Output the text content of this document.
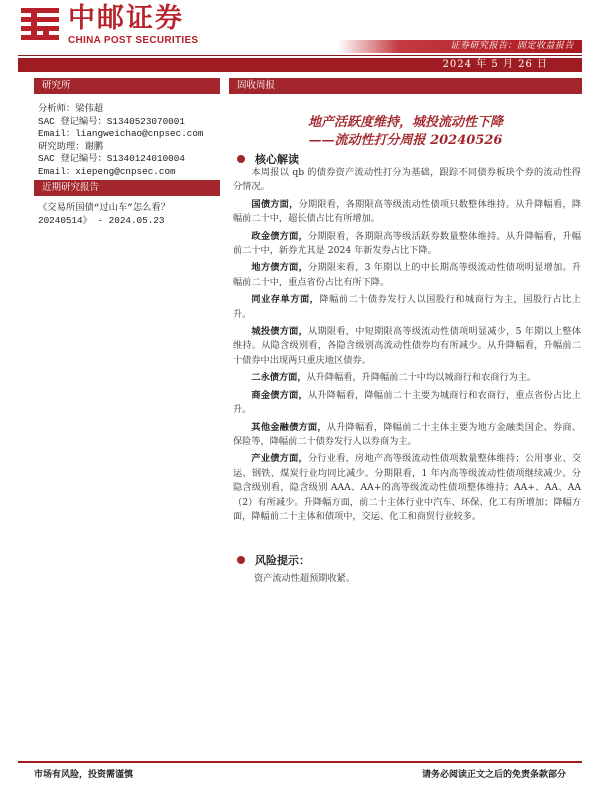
中邮证券
CHINA POST SECURITIES	证券研究报告：固定收益报告
2024 年 5 月 26 日
研究所
分析师：梁伟超
SAC 登记编号：S1340523070001
Email：liangweichao@cnpsec.com
研究助理：谢鹏
SAC 登记编号：S1340124010004
Email：xiepeng@cnpsec.com
近期研究报告
《交易所国债“过山车”怎么看？
20240514》 - 2024.05.23
固收周报
地产活跃度维持，城投流动性下降
——流动性打分周报 20240526
核心解读

本周报以 qb 的债券资产流动性打分为基础，跟踪不同债券板块个券的流动性得分情况。

国债方面，分期限看，各期限高等级流动性债项只数整体维持。从升降幅看，降幅前二十中，超长债占比有所增加。

政金债方面，分期限看，各期限高等级活跃券数量整体维持。从升降幅看，升幅前二十中，新券尤其是 2024 年新发券占比下降。

地方债方面，分期限来看，3 年期以上的中长期高等级流动性债项明显增加。升幅前二十中，重点省份占比有所下降。

同业存单方面，降幅前二十债券发行人以国股行和城商行为主，国股行占比上升。

城投债方面，从期限看，中短期限高等级流动性债项明显减少，5 年期以上整体维持。从隐含级别看，各隐含级别高流动性债券均有所减少。从升降幅看，升幅前二十债券中出现两只重庆地区债券。

二永债方面，从升降幅看，升降幅前二十中均以城商行和农商行为主。

商金债方面，从升降幅看，降幅前二十主要为城商行和农商行，重点省份占比上升。

其他金融债方面，从升降幅看，降幅前二十主体主要为地方金融类国企、券商、保险等，降幅前二十债券发行人以券商为主。

产业债方面，分行业看，房地产高等级流动性债项数量整体维持；公用事业、交运、钢铁、煤炭行业均同比减少。分期限看，1 年内高等级流动性债项继续减少。分隐含级别看，隐含级别 AAA、AA+的高等级流动性债项整体维持；AA+、AA、AA（2）有所减少。升降幅方面，前二十主体行业中汽车、环保、化工有所增加；降幅方面，降幅前二十主体和债项中，交运、化工和商贸行业较多。

风险提示：
资产流动性超预期收紧。
市场有风险，投资需谨慎	请务必阅读正文之后的免责条款部分
